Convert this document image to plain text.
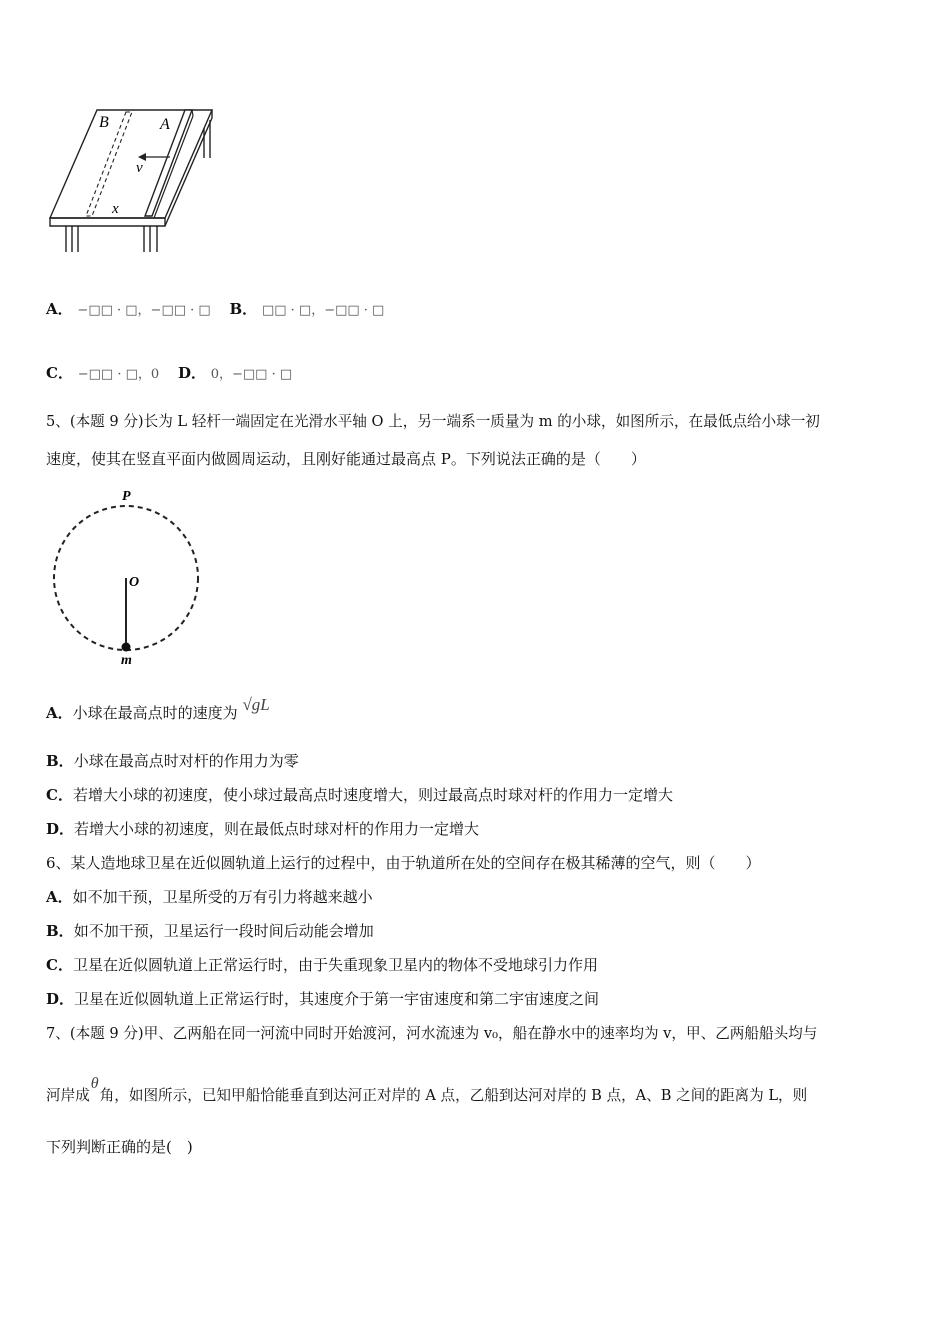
B	A
v
x
A． −□□ · □，−□□ · □ B． □□ · □，−□□ · □
C． −□□ · □，0 D． 0，−□□ · □
5、(本题 9 分)长为 L 轻杆一端固定在光滑水平轴 O 上，另一端系一质量为 m 的小球，如图所示，在最低点给小球一初
速度，使其在竖直平面内做圆周运动，且刚好能通过最高点 P。下列说法正确的是（　　）
P
O
m
A．小球在最高点时的速度为 √gL
B．小球在最高点时对杆的作用力为零
C．若增大小球的初速度，使小球过最高点时速度增大，则过最高点时球对杆的作用力一定增大
D．若增大小球的初速度，则在最低点时球对杆的作用力一定增大
6、某人造地球卫星在近似圆轨道上运行的过程中，由于轨道所在处的空间存在极其稀薄的空气，则（　　）
A．如不加干预，卫星所受的万有引力将越来越小
B．如不加干预，卫星运行一段时间后动能会增加
C．卫星在近似圆轨道上正常运行时，由于失重现象卫星内的物体不受地球引力作用
D．卫星在近似圆轨道上正常运行时，其速度介于第一宇宙速度和第二宇宙速度之间
7、(本题 9 分)甲、乙两船在同一河流中同时开始渡河，河水流速为 v₀，船在静水中的速率均为 v，甲、乙两船船头均与
河岸成θ角，如图所示，已知甲船恰能垂直到达河正对岸的 A 点，乙船到达河对岸的 B 点，A、B 之间的距离为 L，则
下列判断正确的是(　)
